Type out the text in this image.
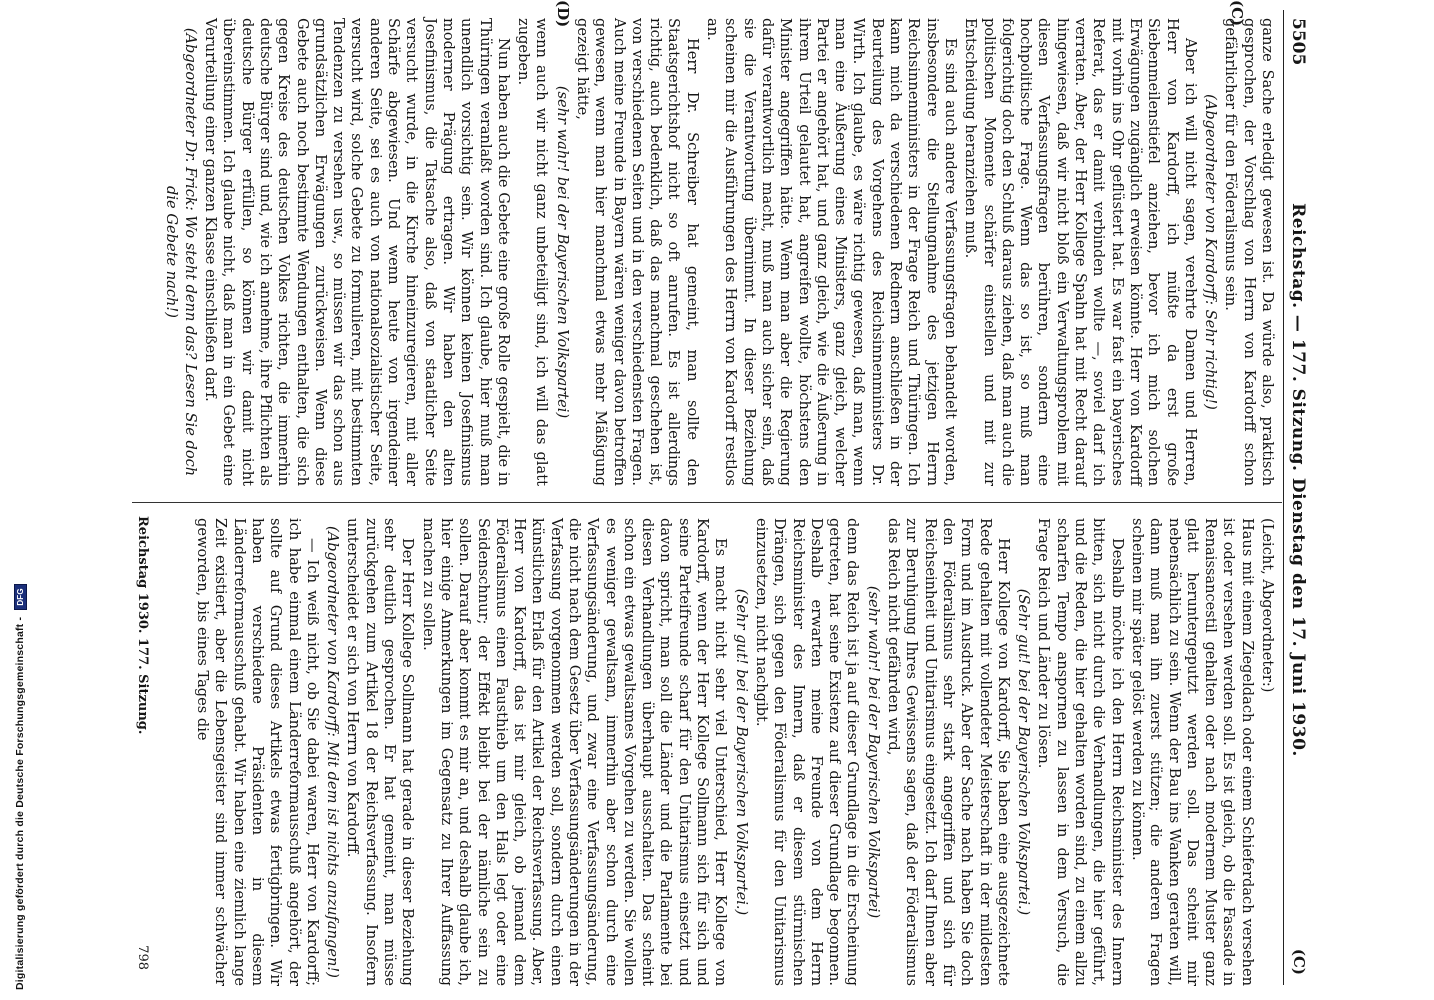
Digitalisierung gefördert durch die Deutsche Forschungsgemeinschaft - DFG
5505
Reichstag. — 177. Sitzung. Dienstag den 17. Juni 1930.
(C)
(C)
(D)

ganze Sache erledigt gewesen ist. Da würde also, praktisch gesprochen, der Vorschlag von Herrn von Kardorff schon gefährlicher für den Föderalismus sein.

(Abgeordneter von Kardorff: Sehr richtig!)

Aber ich will nicht sagen, verehrte Damen und Herren, Herr von Kardorff, ich müßte da erst große Siebenmeilenstiefel anziehen, bevor ich mich solchen Erwägungen zugänglich erweisen könnte. Herr von Kardorff mit vorhin ins Ohr geflüstert hat. Es war fast ein bayerisches Referat, das er damit verbinden wollte —, soviel darf ich verraten. Aber, der Herr Kollege Spahn hat mit Recht darauf hingewiesen, daß wir nicht bloß ein Verwaltungsproblem mit diesen Verfassungsfragen berühren, sondern eine hochpolitische Frage. Wenn das so ist, so muß man folgerichtig doch den Schluß daraus ziehen, daß man auch die politischen Momente schärfer einstellen und mit zur Entscheidung heranziehen muß.

Es sind auch andere Verfassungsfragen behandelt worden, insbesondere die Stellungnahme des jetzigen Herrn Reichsinnenministers in der Frage Reich und Thüringen. Ich kann mich da verschiedenen Rednern anschließen in der Beurteilung des Vorgehens des Reichsinnenministers Dr. Wirth. Ich glaube, es wäre richtig gewesen, daß man, wenn man eine Äußerung eines Ministers, ganz gleich, welcher Partei er angehört hat, und ganz gleich, wie die Äußerung in ihrem Urteil gelautet hat, angreifen wollte, höchstens den Minister angegriffen hätte. Wenn man aber die Regierung dafür verantwortlich macht, muß man auch sicher sein, daß sie die Verantwortung übernimmt. In dieser Beziehung scheinen mir die Ausführungen des Herrn von Kardorff restlos an.

Herr Dr. Schreiber hat gemeint, man sollte den Staatsgerichtshof nicht so oft anrufen. Es ist allerdings richtig, auch bedenklich, daß das manchmal geschehen ist, von verschiedenen Seiten und in den verschiedensten Fragen. Auch meine Freunde in Bayern wären weniger davon betroffen gewesen, wenn man hier manchmal etwas mehr Mäßigung gezeigt hätte,

(sehr wahr! bei der Bayerischen Volkspartei)

wenn auch wir nicht ganz unbeteiligt sind, ich will das glatt zugeben.

Nun haben auch die Gebete eine große Rolle gespielt, die in Thüringen veranlaßt worden sind. Ich glaube, hier muß man unendlich vorsichtig sein. Wir können keinen Josefinismus moderner Prägung ertragen. Wir haben den alten Josefinismus, die Tatsache also, daß von staatlicher Seite versucht wurde, in die Kirche hineinzuregieren, mit aller Schärfe abgewiesen. Und wenn heute von irgendeiner anderen Seite, sei es auch von nationalsozialistischer Seite, versucht wird, solche Gebete zu formulieren, mit bestimmten Tendenzen zu versehen usw., so müssen wir das schon aus grundsätzlichen Erwägungen zurückweisen. Wenn diese Gebete auch noch bestimmte Wendungen enthalten, die sich gegen Kreise des deutschen Volkes richten, die immerhin deutsche Bürger sind und, wie ich annehme, ihre Pflichten als deutsche Bürger erfüllen, so können wir damit nicht übereinstimmen. Ich glaube nicht, daß man in ein Gebet eine Verurteilung einer ganzen Klasse einschließen darf.

(Abgeordneter Dr. Frick: Wo steht denn das? Lesen Sie doch die Gebete nach!)

(Leicht, Abgeordneter:)

Haus mit einem Ziegeldach oder einem Schieferdach versehen ist oder versehen werden soll. Es ist gleich, ob die Fassade in Renaissancestil gehalten oder nach modernem Muster ganz glatt heruntergeputzt werden soll. Das scheint mir nebensächlich zu sein. Wenn der Bau ins Wanken geraten will, dann muß man ihn zuerst stützen; die anderen Fragen scheinen mir später gelöst werden zu können.

Deshalb möchte ich den Herrn Reichsminister des Innern bitten, sich nicht durch die Verhandlungen, die hier geführt, und die Reden, die hier gehalten worden sind, zu einem allzu scharfen Tempo anspornen zu lassen in dem Versuch, die Frage Reich und Länder zu lösen.

(Sehr gut! bei der Bayerischen Volkspartei.)

Herr Kollege von Kardorff, Sie haben eine ausgezeichnete Rede gehalten mit vollendeter Meisterschaft in der mildesten Form und im Ausdruck. Aber der Sache nach haben Sie doch den Föderalismus sehr stark angegriffen und sich für Reichseinheit und Unitarismus eingesetzt. Ich darf Ihnen aber zur Beruhigung Ihres Gewissens sagen, daß der Föderalismus das Reich nicht gefährden wird,

(sehr wahr! bei der Bayerischen Volkspartei)

denn das Reich ist ja auf dieser Grundlage in die Erscheinung getreten, hat seine Existenz auf dieser Grundlage begonnen. Deshalb erwarten meine Freunde von dem Herrn Reichsminister des Innern, daß er diesem stürmischen Drängen, sich gegen den Föderalismus für den Unitarismus einzusetzen, nicht nachgibt.

(Sehr gut! bei der Bayerischen Volkspartei.)

Es macht nicht sehr viel Unterschied, Herr Kollege von Kardorff, wenn der Herr Kollege Sollmann sich für sich und seine Parteifreunde scharf für den Unitarismus einsetzt und davon spricht, man soll die Länder und die Parlamente bei diesen Verhandlungen überhaupt ausschalten. Das scheint schon ein etwas gewaltsames Vorgehen zu werden. Sie wollen es weniger gewaltsam, immerhin aber schon durch eine Verfassungsänderung, und zwar eine Verfassungsänderung, die nicht nach dem Gesetz über Verfassungsänderungen in der Verfassung vorgenommen werden soll, sondern durch einen künstlichen Erlaß für den Artikel der Reichsverfassung. Aber, Herr von Kardorff, das ist mir gleich, ob jemand dem Föderalismus einen Fausthieb um den Hals legt oder eine Seidenschnur; der Effekt bleibt bei der nämliche sein zu sollen. Darauf aber kommt es mir an, und deshalb glaube ich, hier einige Anmerkungen im Gegensatz zu Ihrer Auffassung machen zu sollen.

Der Herr Kollege Sollmann hat gerade in dieser Beziehung sehr deutlich gesprochen. Er hat gemeint, man müsse zurückgehen zum Artikel 18 der Reichsverfassung. Insofern unterscheidet er sich von Herrn von Kardorff.

(Abgeordneter von Kardorff: Mit dem ist nichts anzufangen!)

— Ich weiß nicht, ob Sie dabei waren, Herr von Kardorff; ich habe einmal einem Länderreformausschuß angehört, der sollte auf Grund dieses Artikels etwas fertigbringen. Wir haben verschiedene Präsidenten in diesem Länderreformausschuß gehabt. Wir haben eine ziemlich lange Zeit existiert, aber die Lebensgeister sind immer schwächer geworden, bis eines Tages die

Reichstag 1930. 177. Sitzung.
798
